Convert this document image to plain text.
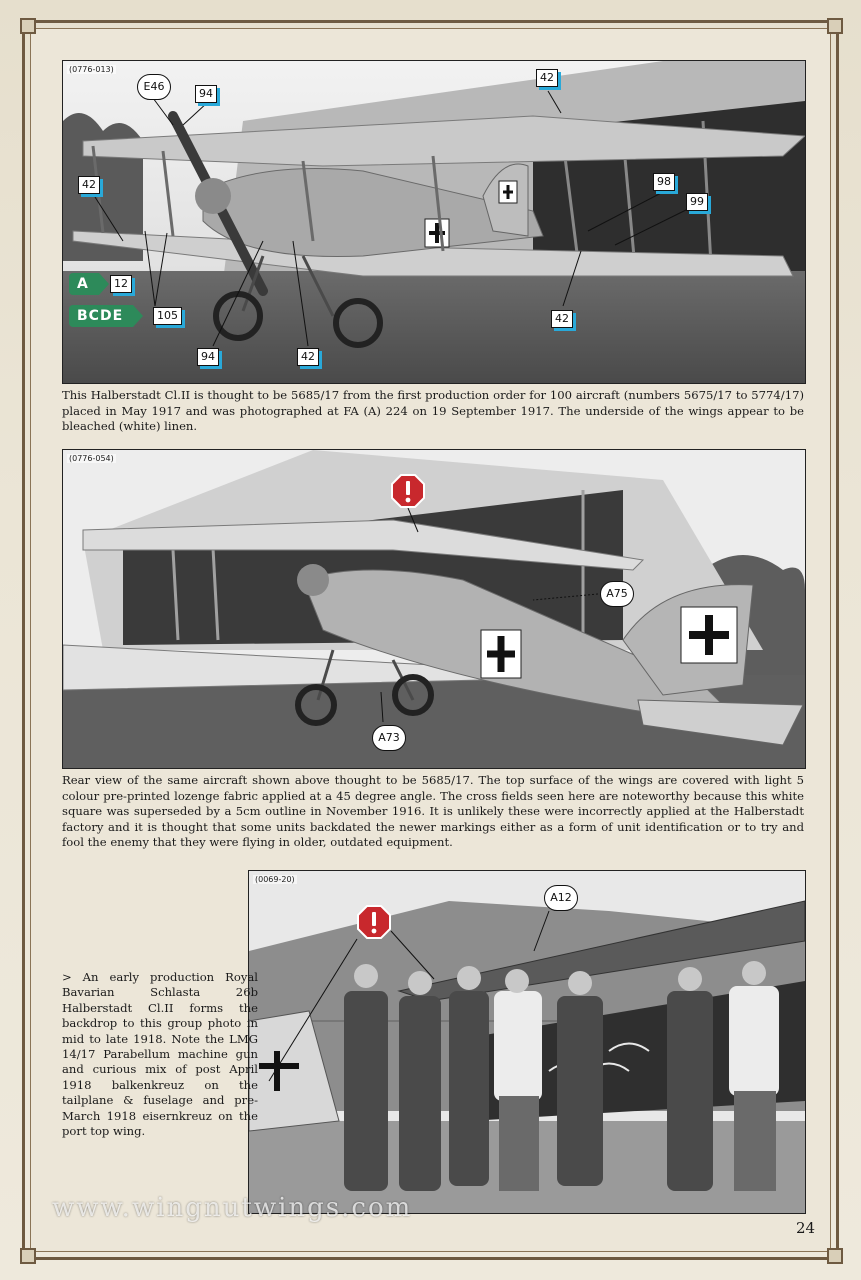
(0776-013)
E46
94
42
42	98
99
A	12
BCDE	105
94	42
42

This Halberstadt Cl.II is thought to be 5685/17 from the first production order for 100 aircraft (numbers 5675/17 to 5774/17) placed in May 1917 and was photographed at FA (A) 224 on 19 September 1917. The underside of the wings appear to be bleached (white) linen.

(0776-054)
A75
A73

Rear view of the same aircraft shown above thought to be 5685/17. The top surface of the wings are covered with light 5 colour pre-printed lozenge fabric applied at a 45 degree angle. The cross fields seen here are noteworthy because this white square was superseded by a 5cm outline in November 1916. It is unlikely these were incorrectly applied at the Halberstadt factory and it is thought that some units backdated the newer markings either as a form of unit identification or to try and fool the enemy that they were flying in older, outdated equipment.

(0069-20)
A12

> An early production Royal Bavarian Schlasta 26b Halberstadt Cl.II forms the backdrop to this group photo in mid to late 1918. Note the LMG 14/17 Parabellum machine gun and curious mix of post April 1918 balkenkreuz on the tailplane & fuselage and pre-March 1918 eisernkreuz on the port top wing.

www.wingnutwings.com
24
